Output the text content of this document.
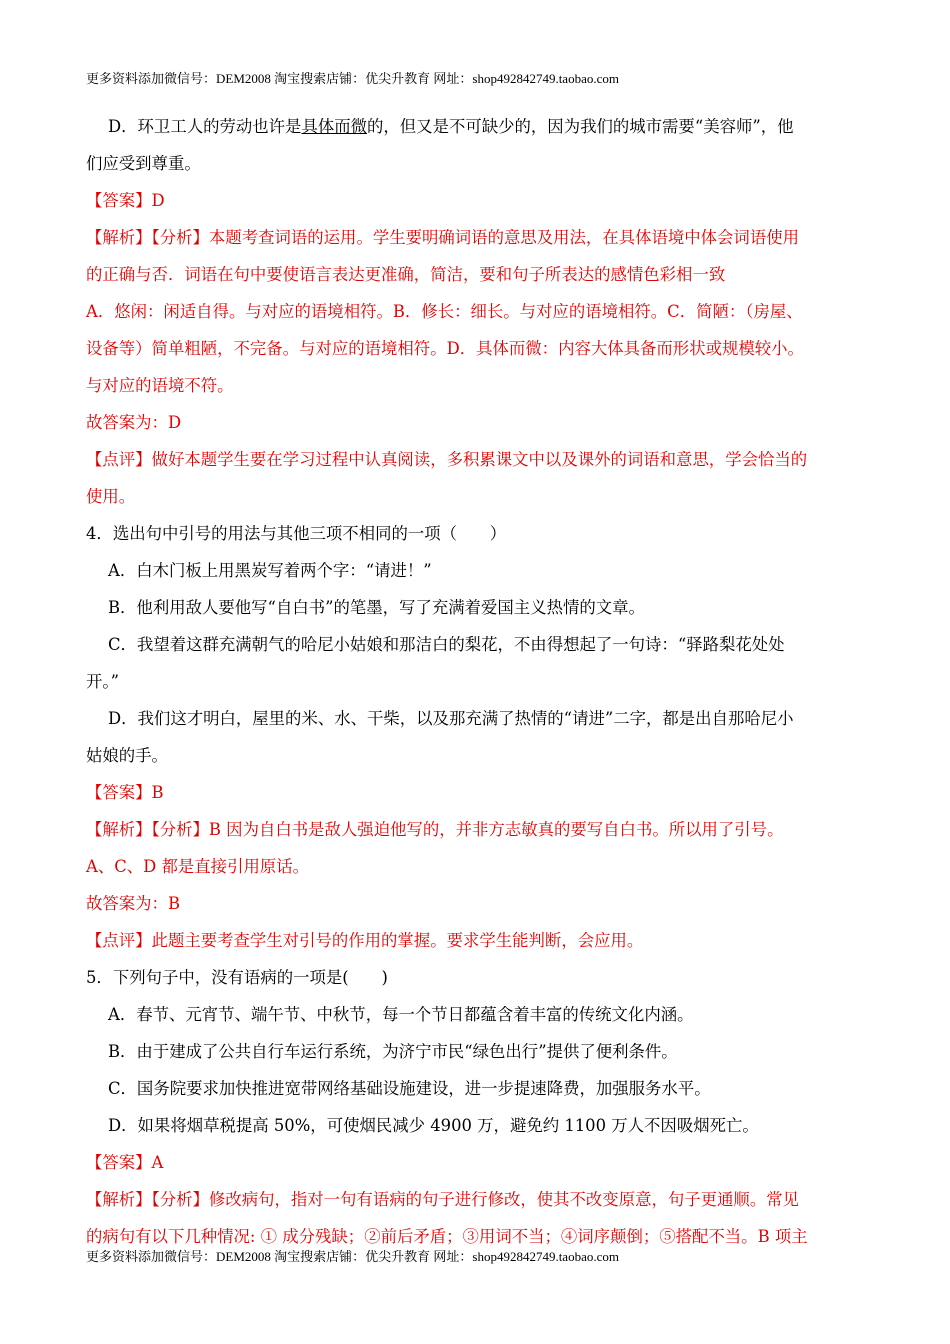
更多资料添加微信号：DEM2008 淘宝搜索店铺：优尖升教育 网址：shop492842749.taobao.com

D．环卫工人的劳动也许是具体而微的，但又是不可缺少的，因为我们的城市需要“美容师”，他

们应受到尊重。

【答案】D

【解析】【分析】本题考查词语的运用。学生要明确词语的意思及用法，在具体语境中体会词语使用

的正确与否．词语在句中要使语言表达更准确，简洁，要和句子所表达的感情色彩相一致

A．悠闲：闲适自得。与对应的语境相符。B．修长：细长。与对应的语境相符。C．简陋：（房屋、

设备等）简单粗陋，不完备。与对应的语境相符。D．具体而微：内容大体具备而形状或规模较小。

与对应的语境不符。

故答案为：D

【点评】做好本题学生要在学习过程中认真阅读，多积累课文中以及课外的词语和意思，学会恰当的

使用。

4．选出句中引号的用法与其他三项不相同的一项（　　）

A．白木门板上用黑炭写着两个字：“请进！”

B．他利用敌人要他写“自白书”的笔墨，写了充满着爱国主义热情的文章。

C．我望着这群充满朝气的哈尼小姑娘和那洁白的梨花，不由得想起了一句诗：“驿路梨花处处

开。”

D．我们这才明白，屋里的米、水、干柴，以及那充满了热情的“请进”二字，都是出自那哈尼小

姑娘的手。

【答案】B

【解析】【分析】B 因为自白书是敌人强迫他写的，并非方志敏真的要写自白书。所以用了引号。

A、C、D 都是直接引用原话。

故答案为：B

【点评】此题主要考查学生对引号的作用的掌握。要求学生能判断，会应用。

5．下列句子中，没有语病的一项是(　　)

A．春节、元宵节、端午节、中秋节，每一个节日都蕴含着丰富的传统文化内涵。

B．由于建成了公共自行车运行系统，为济宁市民“绿色出行”提供了便利条件。

C．国务院要求加快推进宽带网络基础设施建设，进一步提速降费，加强服务水平。

D．如果将烟草税提高 50%，可使烟民减少 4900 万，避免约 1100 万人不因吸烟死亡。

【答案】A

【解析】【分析】修改病句，指对一句有语病的句子进行修改，使其不改变原意，句子更通顺。常见

的病句有以下几种情况: ① 成分残缺；②前后矛盾；③用词不当；④词序颠倒；⑤搭配不当。B 项主

更多资料添加微信号：DEM2008 淘宝搜索店铺：优尖升教育 网址：shop492842749.taobao.com
